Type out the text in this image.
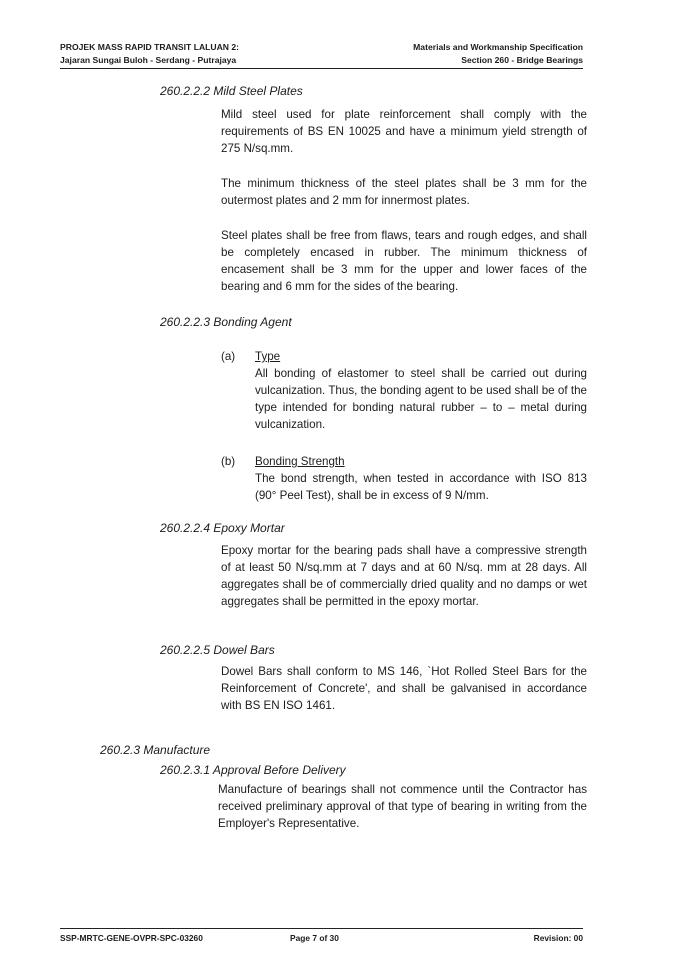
PROJEK MASS RAPID TRANSIT LALUAN 2:
Jajaran Sungai Buloh - Serdang - Putrajaya
Materials and Workmanship Specification
Section 260 - Bridge Bearings
260.2.2.2 Mild Steel Plates
Mild steel used for plate reinforcement shall comply with the requirements of BS EN 10025 and have a minimum yield strength of 275 N/sq.mm.
The minimum thickness of the steel plates shall be 3 mm for the outermost plates and 2 mm for innermost plates.
Steel plates shall be free from flaws, tears and rough edges, and shall be completely encased in rubber. The minimum thickness of encasement shall be 3 mm for the upper and lower faces of the bearing and 6 mm for the sides of the bearing.
260.2.2.3 Bonding Agent
(a) Type
All bonding of elastomer to steel shall be carried out during vulcanization. Thus, the bonding agent to be used shall be of the type intended for bonding natural rubber – to – metal during vulcanization.
(b) Bonding Strength
The bond strength, when tested in accordance with ISO 813 (90° Peel Test), shall be in excess of 9 N/mm.
260.2.2.4 Epoxy Mortar
Epoxy mortar for the bearing pads shall have a compressive strength of at least 50 N/sq.mm at 7 days and at 60 N/sq. mm at 28 days. All aggregates shall be of commercially dried quality and no damps or wet aggregates shall be permitted in the epoxy mortar.
260.2.2.5 Dowel Bars
Dowel Bars shall conform to MS 146, `Hot Rolled Steel Bars for the Reinforcement of Concrete', and shall be galvanised in accordance with BS EN ISO 1461.
260.2.3 Manufacture
260.2.3.1 Approval Before Delivery
Manufacture of bearings shall not commence until the Contractor has received preliminary approval of that type of bearing in writing from the Employer's Representative.
SSP-MRTC-GENE-OVPR-SPC-03260	Page 7 of 30	Revision: 00
